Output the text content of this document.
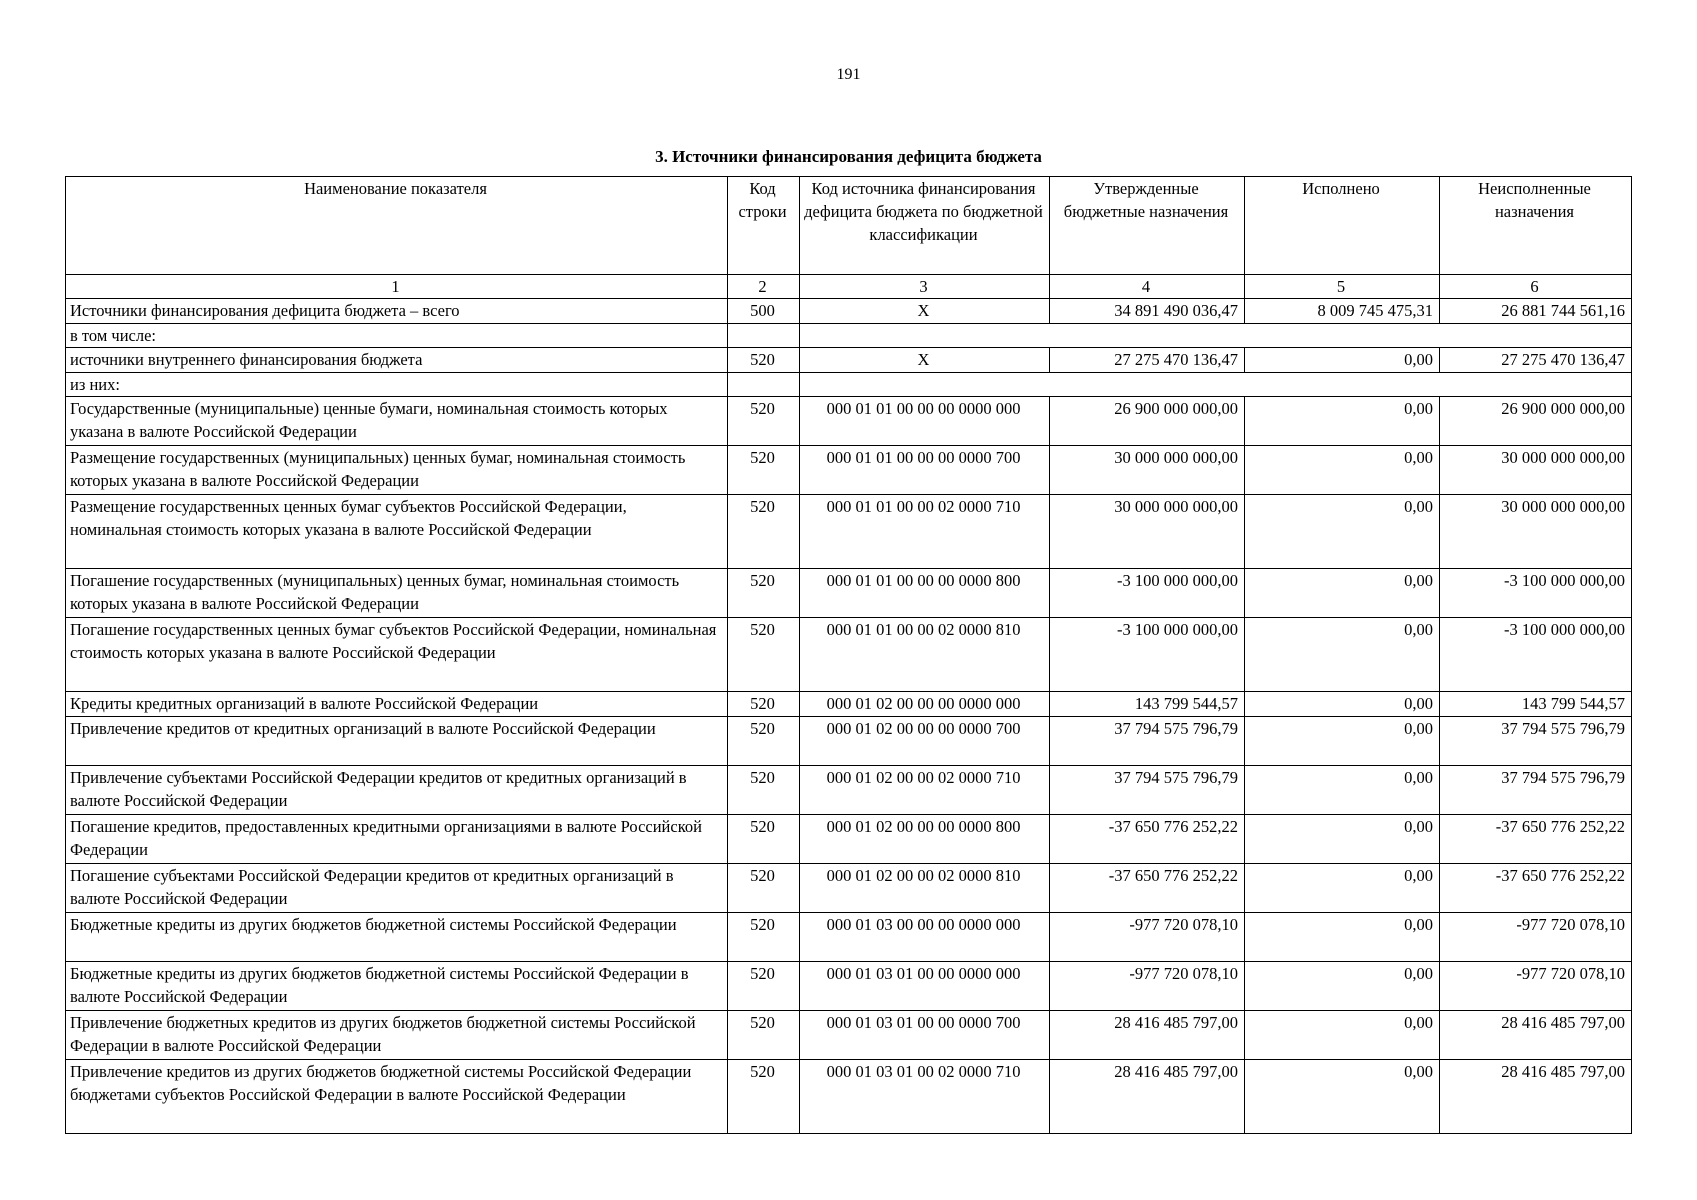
191
3. Источники финансирования дефицита бюджета
Наименование показателя	Код строки	Код источника финансирования дефицита бюджета по бюджетной классификации	Утвержденные бюджетные назначения	Исполнено	Неисполненные назначения
1	2	3	4	5	6
Источники финансирования дефицита бюджета – всего	500	X	34 891 490 036,47	8 009 745 475,31	26 881 744 561,16
в том числе:					
источники внутреннего финансирования бюджета	520	X	27 275 470 136,47	0,00	27 275 470 136,47
из них:					
Государственные (муниципальные) ценные бумаги, номинальная стоимость которых указана в валюте Российской Федерации	520	000 01 01 00 00 00 0000 000	26 900 000 000,00	0,00	26 900 000 000,00
Размещение государственных (муниципальных) ценных бумаг, номинальная стоимость которых указана в валюте Российской Федерации	520	000 01 01 00 00 00 0000 700	30 000 000 000,00	0,00	30 000 000 000,00
Размещение государственных ценных бумаг субъектов Российской Федерации, номинальная стоимость которых указана в валюте Российской Федерации	520	000 01 01 00 00 02 0000 710	30 000 000 000,00	0,00	30 000 000 000,00
Погашение государственных (муниципальных) ценных бумаг, номинальная стоимость которых указана в валюте Российской Федерации	520	000 01 01 00 00 00 0000 800	-3 100 000 000,00	0,00	-3 100 000 000,00
Погашение государственных ценных бумаг субъектов Российской Федерации, номинальная стоимость которых указана в валюте Российской Федерации	520	000 01 01 00 00 02 0000 810	-3 100 000 000,00	0,00	-3 100 000 000,00
Кредиты кредитных организаций в валюте Российской Федерации	520	000 01 02 00 00 00 0000 000	143 799 544,57	0,00	143 799 544,57
Привлечение кредитов от кредитных организаций в валюте Российской Федерации	520	000 01 02 00 00 00 0000 700	37 794 575 796,79	0,00	37 794 575 796,79
Привлечение субъектами Российской Федерации кредитов от кредитных организаций в валюте Российской Федерации	520	000 01 02 00 00 02 0000 710	37 794 575 796,79	0,00	37 794 575 796,79
Погашение кредитов, предоставленных кредитными организациями в валюте Российской Федерации	520	000 01 02 00 00 00 0000 800	-37 650 776 252,22	0,00	-37 650 776 252,22
Погашение субъектами Российской Федерации кредитов от кредитных организаций в валюте Российской Федерации	520	000 01 02 00 00 02 0000 810	-37 650 776 252,22	0,00	-37 650 776 252,22
Бюджетные кредиты из других бюджетов бюджетной системы Российской Федерации	520	000 01 03 00 00 00 0000 000	-977 720 078,10	0,00	-977 720 078,10
Бюджетные кредиты из других бюджетов бюджетной системы Российской Федерации в валюте Российской Федерации	520	000 01 03 01 00 00 0000 000	-977 720 078,10	0,00	-977 720 078,10
Привлечение бюджетных кредитов из других бюджетов бюджетной системы Российской Федерации в валюте Российской Федерации	520	000 01 03 01 00 00 0000 700	28 416 485 797,00	0,00	28 416 485 797,00
Привлечение кредитов из других бюджетов бюджетной системы Российской Федерации бюджетами субъектов Российской Федерации в валюте Российской Федерации	520	000 01 03 01 00 02 0000 710	28 416 485 797,00	0,00	28 416 485 797,00
